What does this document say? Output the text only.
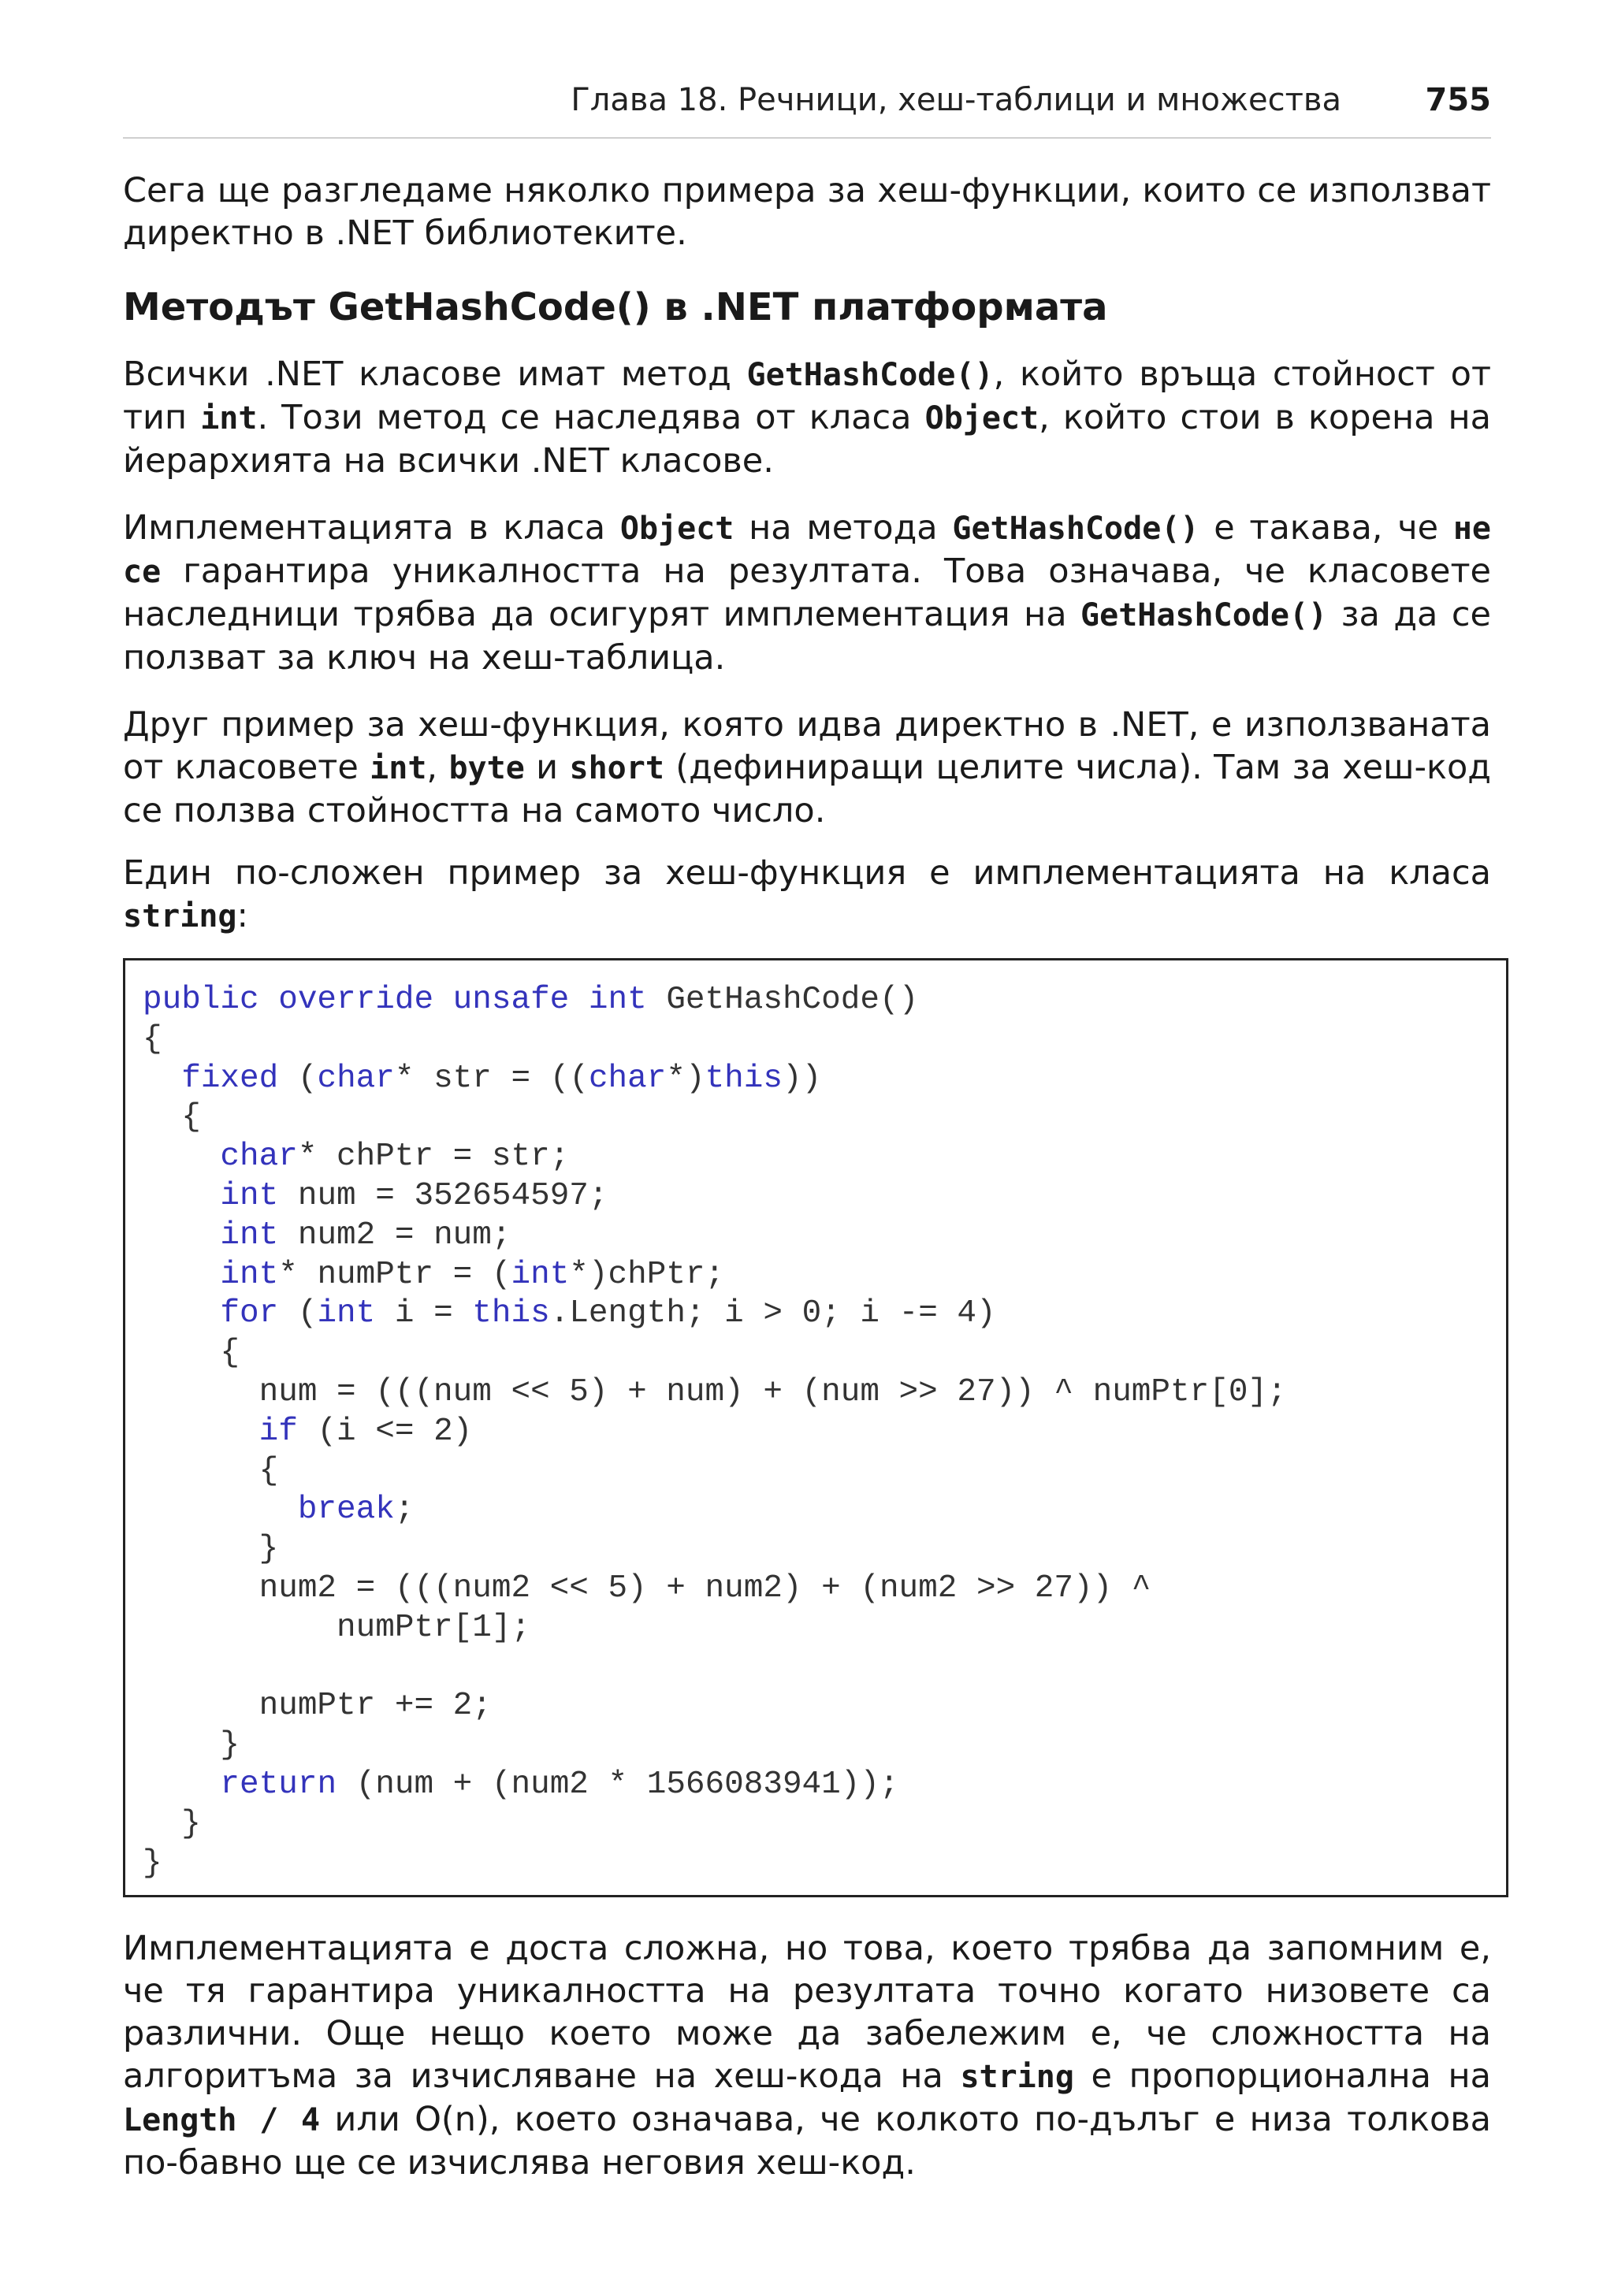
Глава 18. Речници, хеш-таблици и множества	755

Сега ще разгледаме няколко примера за хеш-функции, които се използват директно в .NET библиотеките.

Методът GetHashCode() в .NET платформата

Всички .NET класове имат метод GetHashCode(), който връща стойност от тип int. Този метод се наследява от класа Object, който стои в корена на йерархията на всички .NET класове.

Имплементацията в класа Object на метода GetHashCode() е такава, че не се гарантира уникалността на резултата. Това означава, че класовете наследници трябва да осигурят имплементация на GetHashCode() за да се ползват за ключ на хеш-таблица.

Друг пример за хеш-функция, която идва директно в .NET, е използваната от класовете int, byte и short (дефиниращи целите числа). Там за хеш-код се ползва стойността на самото число.

Един по-сложен пример за хеш-функция е имплементацията на класа string:

public override unsafe int GetHashCode()
{
fixed (char* str = ((char*)this))
{
char* chPtr = str;
int num = 352654597;
int num2 = num;
int* numPtr = (int*)chPtr;
for (int i = this.Length; i > 0; i -= 4)
{
num = (((num << 5) + num) + (num >> 27)) ^ numPtr[0];
if (i <= 2)
{
break;
}
num2 = (((num2 << 5) + num2) + (num2 >> 27)) ^
numPtr[1];

numPtr += 2;
}
return (num + (num2 * 1566083941));
}
}

Имплементацията е доста сложна, но това, което трябва да запомним е, че тя гарантира уникалността на резултата точно когато низовете са различни. Още нещо което може да забележим е, че сложността на алгоритъма за изчисляване на хеш-кода на string е пропорционална на Length / 4 или O(n), което означава, че колкото по-дълъг е низа толкова по-бавно ще се изчислява неговия хеш-код.
